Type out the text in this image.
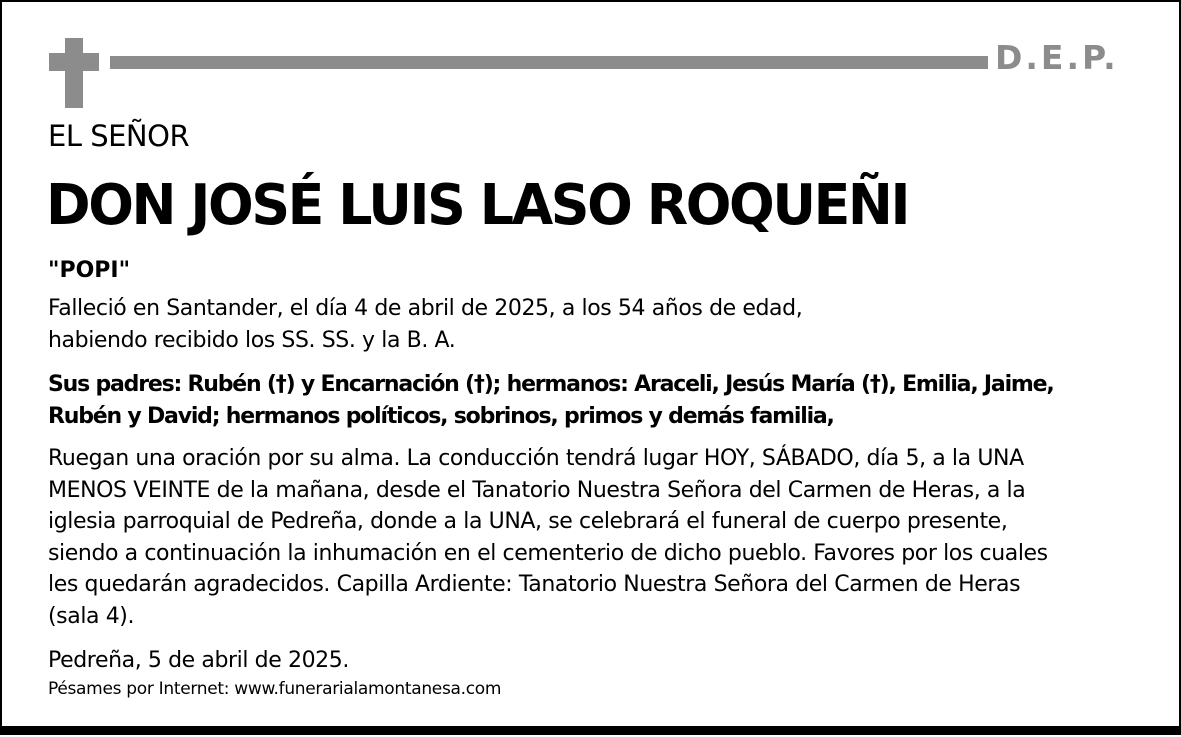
D.E.P.
EL SEÑOR
DON JOSÉ LUIS LASO ROQUEÑI
"POPI"
Falleció en Santander, el día 4 de abril de 2025, a los 54 años de edad,
habiendo recibido los SS. SS. y la B. A.
Sus padres: Rubén (†) y Encarnación (†); hermanos: Araceli, Jesús María (†), Emilia, Jaime,
Rubén y David; hermanos políticos, sobrinos, primos y demás familia,
Ruegan una oración por su alma. La conducción tendrá lugar HOY, SÁBADO, día 5, a la UNA
MENOS VEINTE de la mañana, desde el Tanatorio Nuestra Señora del Carmen de Heras, a la
iglesia parroquial de Pedreña, donde a la UNA, se celebrará el funeral de cuerpo presente,
siendo a continuación la inhumación en el cementerio de dicho pueblo. Favores por los cuales
les quedarán agradecidos. Capilla Ardiente: Tanatorio Nuestra Señora del Carmen de Heras
(sala 4).
Pedreña, 5 de abril de 2025.
Pésames por Internet: www.funerarialamontanesa.com
